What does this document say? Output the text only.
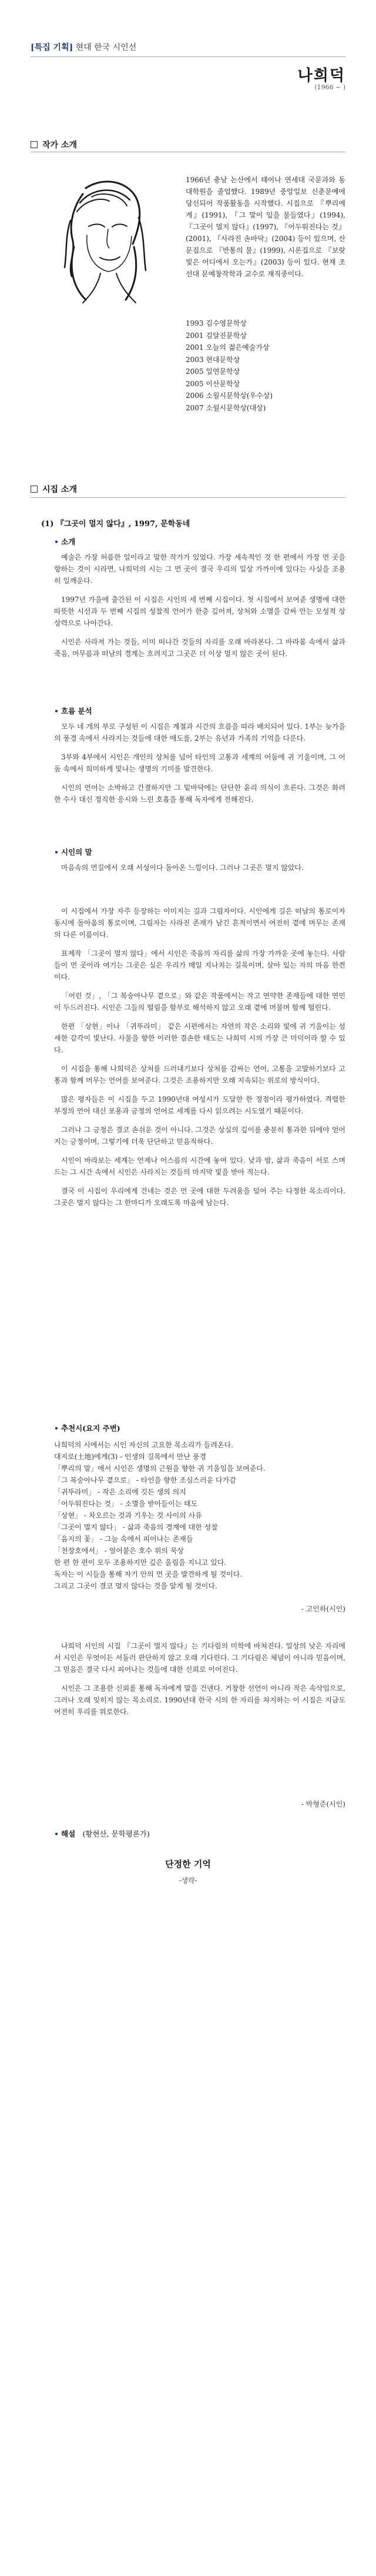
[특집 기획] 현대 한국 시인선
나희덕
(1966 ~ )
작가 소개
1966년 충남 논산에서 태어나 연세대 국문과와 동대학원을 졸업했다. 1989년 중앙일보 신춘문예에 당선되어 작품활동을 시작했다. 시집으로 『뿌리에게』(1991), 『그 말이 잎을 물들였다』(1994), 『그곳이 멀지 않다』(1997), 『어두워진다는 것』(2001), 『사라진 손바닥』(2004) 등이 있으며, 산문집으로 『반통의 물』(1999), 시론집으로 『보랏빛은 어디에서 오는가』(2003) 등이 있다. 현재 조선대 문예창작학과 교수로 재직중이다.
1993 김수영문학상
2001 김달진문학상
2001 오늘의 젊은예술가상
2003 현대문학상
2005 일연문학상
2005 이산문학상
2006 소월시문학상(우수상)
2007 소월시문학상(대상)
시집 소개
(1) 『그곳이 멀지 않다』, 1997, 문학동네
• 소개

예술은 가장 허름한 일이라고 말한 작가가 있었다. 가장 세속적인 것 한 편에서 가장 먼 곳을 향하는 것이 시라면, 나희덕의 시는 그 먼 곳이 결국 우리의 일상 가까이에 있다는 사실을 조용히 일깨운다.

1997년 가을에 출간된 이 시집은 시인의 세 번째 시집이다. 첫 시집에서 보여준 생명에 대한 따뜻한 시선과 두 번째 시집의 성찰적 언어가 한층 깊어져, 상처와 소멸을 감싸 안는 모성적 상상력으로 나아간다.

시인은 사라져 가는 것들, 이미 떠나간 것들의 자리를 오래 바라본다. 그 바라봄 속에서 삶과 죽음, 머무름과 떠남의 경계는 흐려지고 그곳은 더 이상 멀지 않은 곳이 된다.

• 흐름 분석

모두 네 개의 부로 구성된 이 시집은 계절과 시간의 흐름을 따라 배치되어 있다. 1부는 늦가을의 풍경 속에서 사라지는 것들에 대한 애도를, 2부는 유년과 가족의 기억을 다룬다.

3부와 4부에서 시인은 개인의 상처를 넘어 타인의 고통과 세계의 어둠에 귀 기울이며, 그 어둠 속에서 희미하게 빛나는 생명의 기미를 발견한다.

시인의 언어는 소박하고 간결하지만 그 밑바닥에는 단단한 윤리 의식이 흐른다. 그것은 화려한 수사 대신 정직한 응시와 느린 호흡을 통해 독자에게 전해진다.

• 시인의 말

마음속의 먼길에서 오래 서성이다 돌아온 느낌이다. 그러나 그곳은 멀지 않았다.

이 시집에서 가장 자주 등장하는 이미지는 길과 그림자이다. 시인에게 길은 떠남의 통로이자 동시에 돌아옴의 통로이며, 그림자는 사라진 존재가 남긴 흔적이면서 여전히 곁에 머무는 존재의 다른 이름이다.

표제작 「그곳이 멀지 않다」에서 시인은 죽음의 자리를 삶의 가장 가까운 곳에 놓는다. 사람들이 먼 곳이라 여기는 그곳은 실은 우리가 매일 지나치는 길목이며, 살아 있는 자의 마음 한켠이다.

「어린 것」, 「그 복숭아나무 곁으로」와 같은 작품에서는 작고 연약한 존재들에 대한 연민이 두드러진다. 시인은 그들의 떨림을 함부로 해석하지 않고 오래 곁에 머물며 함께 떨린다.

한편 「상현」이나 「귀뚜라미」 같은 시편에서는 자연의 작은 소리와 빛에 귀 기울이는 섬세한 감각이 빛난다. 사물을 향한 이러한 겸손한 태도는 나희덕 시의 가장 큰 미덕이라 할 수 있다.

이 시집을 통해 나희덕은 상처를 드러내기보다 상처를 감싸는 언어, 고통을 고발하기보다 고통과 함께 머무는 언어를 보여준다. 그것은 조용하지만 오래 지속되는 위로의 방식이다.

많은 평자들은 이 시집을 두고 1990년대 여성시가 도달한 한 정점이라 평가하였다. 격렬한 부정의 언어 대신 포용과 긍정의 언어로 세계를 다시 읽으려는 시도였기 때문이다.

그러나 그 긍정은 결코 손쉬운 것이 아니다. 그것은 상실의 깊이를 충분히 통과한 뒤에야 얻어지는 긍정이며, 그렇기에 더욱 단단하고 믿음직하다.

시인이 바라보는 세계는 언제나 어스름의 시간에 놓여 있다. 낮과 밤, 삶과 죽음이 서로 스며드는 그 시간 속에서 시인은 사라지는 것들의 마지막 빛을 받아 적는다.

결국 이 시집이 우리에게 건네는 것은 먼 곳에 대한 두려움을 덜어 주는 다정한 목소리이다. 그곳은 멀지 않다는 그 한마디가 오래도록 마음에 남는다.

• 추천시(요지 주변)
나희덕의 시에서는 시인 자신의 고요한 목소리가 들려온다.
대지로(土地)에게(3) - 인생의 길목에서 만난 풍경
「뿌리의 말」에서 시인은 생명의 근원을 향한 귀 기울임을 보여준다.
「그 복숭아나무 곁으로」 - 타인을 향한 조심스러운 다가감
「귀뚜라미」 - 작은 소리에 깃든 생의 의지
「어두워진다는 것」 - 소멸을 받아들이는 태도
「상현」 - 차오르는 것과 기우는 것 사이의 사유
「그곳이 멀지 않다」 - 삶과 죽음의 경계에 대한 성찰
「음지의 꽃」 - 그늘 속에서 피어나는 존재들
「천장호에서」 - 얼어붙은 호수 위의 묵상
한 편 한 편이 모두 조용하지만 깊은 울림을 지니고 있다.
독자는 이 시들을 통해 자기 안의 먼 곳을 발견하게 될 것이다.
그리고 그곳이 결코 멀지 않다는 것을 알게 될 것이다.
- 고인하(시인)

나희덕 시인의 시집 『그곳이 멀지 않다』는 기다림의 미학에 바쳐진다. 일상의 낮은 자리에서 시인은 무엇이든 서둘러 판단하지 않고 오래 기다린다. 그 기다림은 체념이 아니라 믿음이며, 그 믿음은 결국 다시 피어나는 것들에 대한 신뢰로 이어진다.

시인은 그 조용한 신뢰를 통해 독자에게 말을 건넨다. 거창한 선언이 아니라 작은 속삭임으로, 그러나 오래 잊히지 않는 목소리로. 1990년대 한국 시의 한 자리를 차지하는 이 시집은 지금도 여전히 우리를 위로한다.

- 박형준(시인)
• 해설 (황현산, 문학평론가)
단정한 기억
-생략-
